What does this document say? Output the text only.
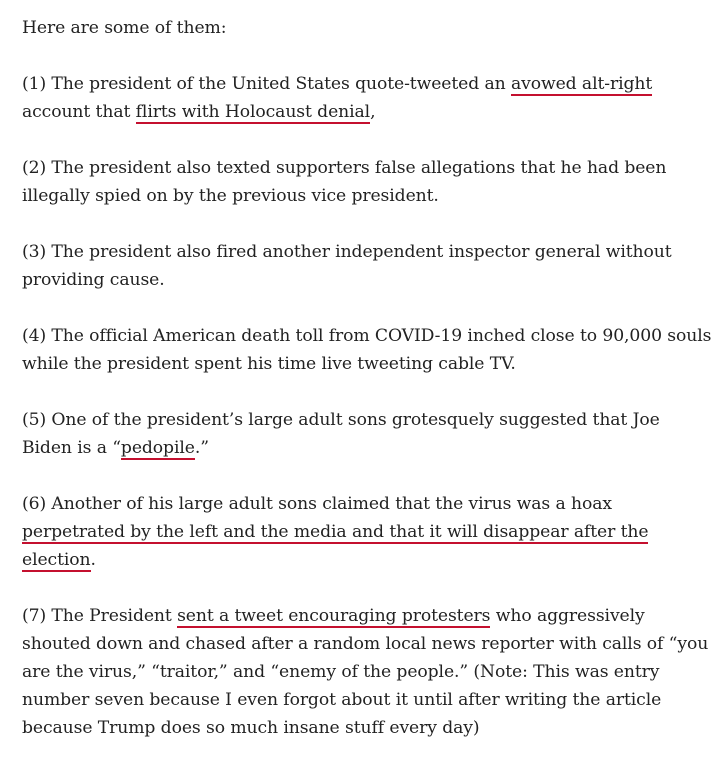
Here are some of them:

(1) The president of the United States quote-tweeted an avowed alt-right account that flirts with Holocaust denial,

(2) The president also texted supporters false allegations that he had been illegally spied on by the previous vice president.

(3) The president also fired another independent inspector general without providing cause.

(4) The official American death toll from COVID-19 inched close to 90,000 souls while the president spent his time live tweeting cable TV.

(5) One of the president’s large adult sons grotesquely suggested that Joe Biden is a “pedopile.”

(6) Another of his large adult sons claimed that the virus was a hoax perpetrated by the left and the media and that it will disappear after the election.

(7) The President sent a tweet encouraging protesters who aggressively shouted down and chased after a random local news reporter with calls of “you are the virus,” “traitor,” and “enemy of the people.” (Note: This was entry number seven because I even forgot about it until after writing the article because Trump does so much insane stuff every day)
